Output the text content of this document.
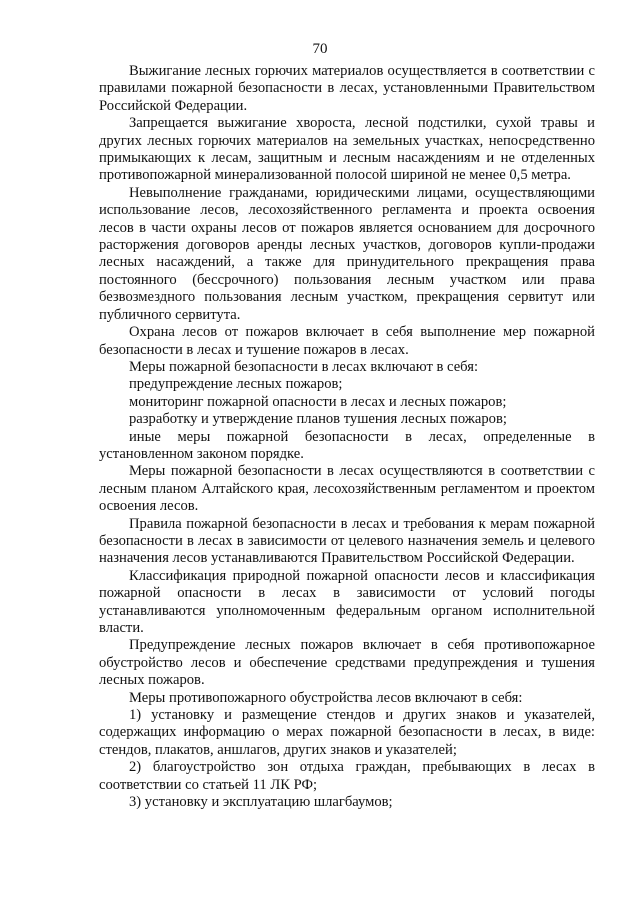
70

Выжигание лесных горючих материалов осуществляется в соответствии с правилами пожарной безопасности в лесах, установленными Правительством Российской Федерации.

Запрещается выжигание хвороста, лесной подстилки, сухой травы и других лесных горючих материалов на земельных участках, непосредственно примыкающих к лесам, защитным и лесным насаждениям и не отделенных противопожарной минерализованной полосой шириной не менее 0,5 метра.

Невыполнение гражданами, юридическими лицами, осуществляющими использование лесов, лесохозяйственного регламента и проекта освоения лесов в части охраны лесов от пожаров является основанием для досрочного расторжения договоров аренды лесных участков, договоров купли-продажи лесных насаждений, а также для принудительного прекращения права постоянного (бессрочного) пользования лесным участком или права безвозмездного пользования лесным участком, прекращения сервитут или публичного сервитута.

Охрана лесов от пожаров включает в себя выполнение мер пожарной безопасности в лесах и тушение пожаров в лесах.

Меры пожарной безопасности в лесах включают в себя:

предупреждение лесных пожаров;

мониторинг пожарной опасности в лесах и лесных пожаров;

разработку и утверждение планов тушения лесных пожаров;

иные меры пожарной безопасности в лесах, определенные в установленном законом порядке.

Меры пожарной безопасности в лесах осуществляются в соответствии с лесным планом Алтайского края, лесохозяйственным регламентом и проектом освоения лесов.

Правила пожарной безопасности в лесах и требования к мерам пожарной безопасности в лесах в зависимости от целевого назначения земель и целевого назначения лесов устанавливаются Правительством Российской Федерации.

Классификация природной пожарной опасности лесов и классификация пожарной опасности в лесах в зависимости от условий погоды устанавливаются уполномоченным федеральным органом исполнительной власти.

Предупреждение лесных пожаров включает в себя противопожарное обустройство лесов и обеспечение средствами предупреждения и тушения лесных пожаров.

Меры противопожарного обустройства лесов включают в себя:

1) установку и размещение стендов и других знаков и указателей, содержащих информацию о мерах пожарной безопасности в лесах, в виде: стендов, плакатов, аншлагов, других знаков и указателей;

2) благоустройство зон отдыха граждан, пребывающих в лесах в соответствии со статьей 11 ЛК РФ;

3) установку и эксплуатацию шлагбаумов;
